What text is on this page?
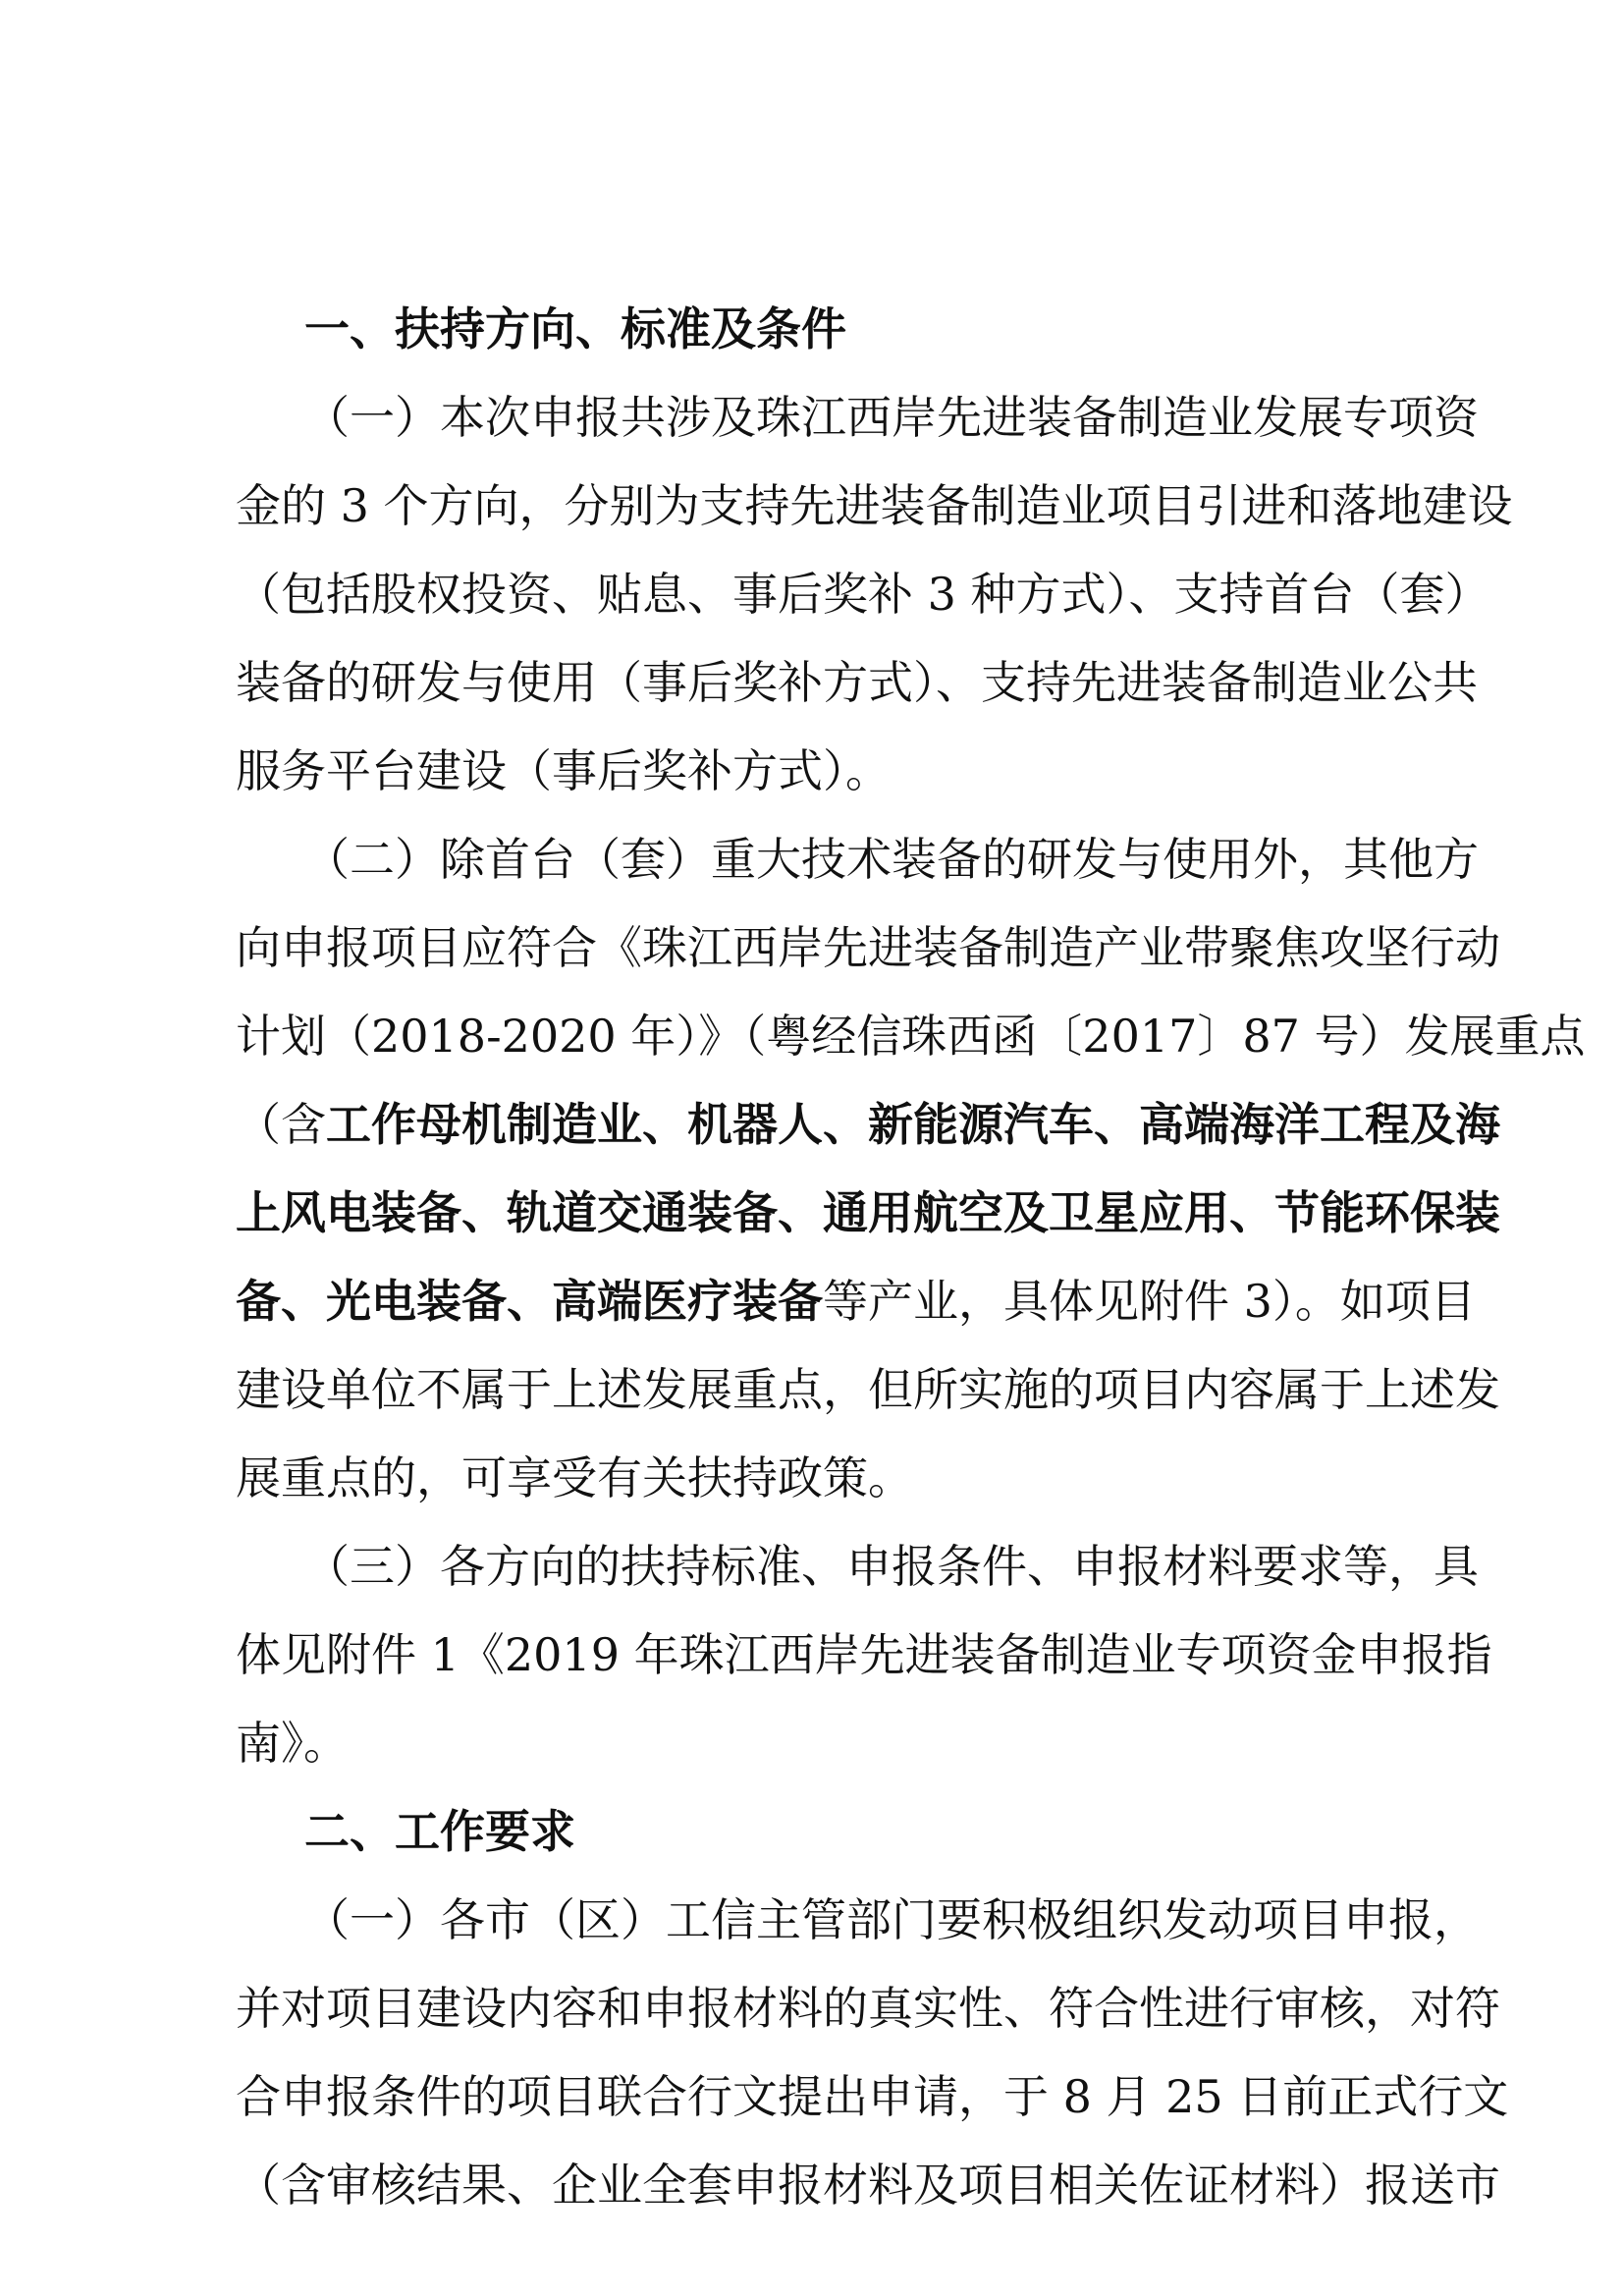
一、扶持方向、标准及条件
（一）本次申报共涉及珠江西岸先进装备制造业发展专项资
金的 3 个方向，分别为支持先进装备制造业项目引进和落地建设
（包括股权投资、贴息、事后奖补 3 种方式）、支持首台（套）
装备的研发与使用（事后奖补方式）、支持先进装备制造业公共
服务平台建设（事后奖补方式）。
（二）除首台（套）重大技术装备的研发与使用外，其他方
向申报项目应符合《珠江西岸先进装备制造产业带聚焦攻坚行动
计划（2018-2020 年）》（粤经信珠西函〔2017〕87 号）发展重点
（含工作母机制造业、机器人、新能源汽车、高端海洋工程及海
上风电装备、轨道交通装备、通用航空及卫星应用、节能环保装
备、光电装备、高端医疗装备等产业，具体见附件 3）。如项目
建设单位不属于上述发展重点，但所实施的项目内容属于上述发
展重点的，可享受有关扶持政策。
（三）各方向的扶持标准、申报条件、申报材料要求等，具
体见附件 1《2019 年珠江西岸先进装备制造业专项资金申报指
南》。
二、工作要求
（一）各市（区）工信主管部门要积极组织发动项目申报，
并对项目建设内容和申报材料的真实性、符合性进行审核，对符
合申报条件的项目联合行文提出申请，于 8 月 25 日前正式行文
（含审核结果、企业全套申报材料及项目相关佐证材料）报送市
